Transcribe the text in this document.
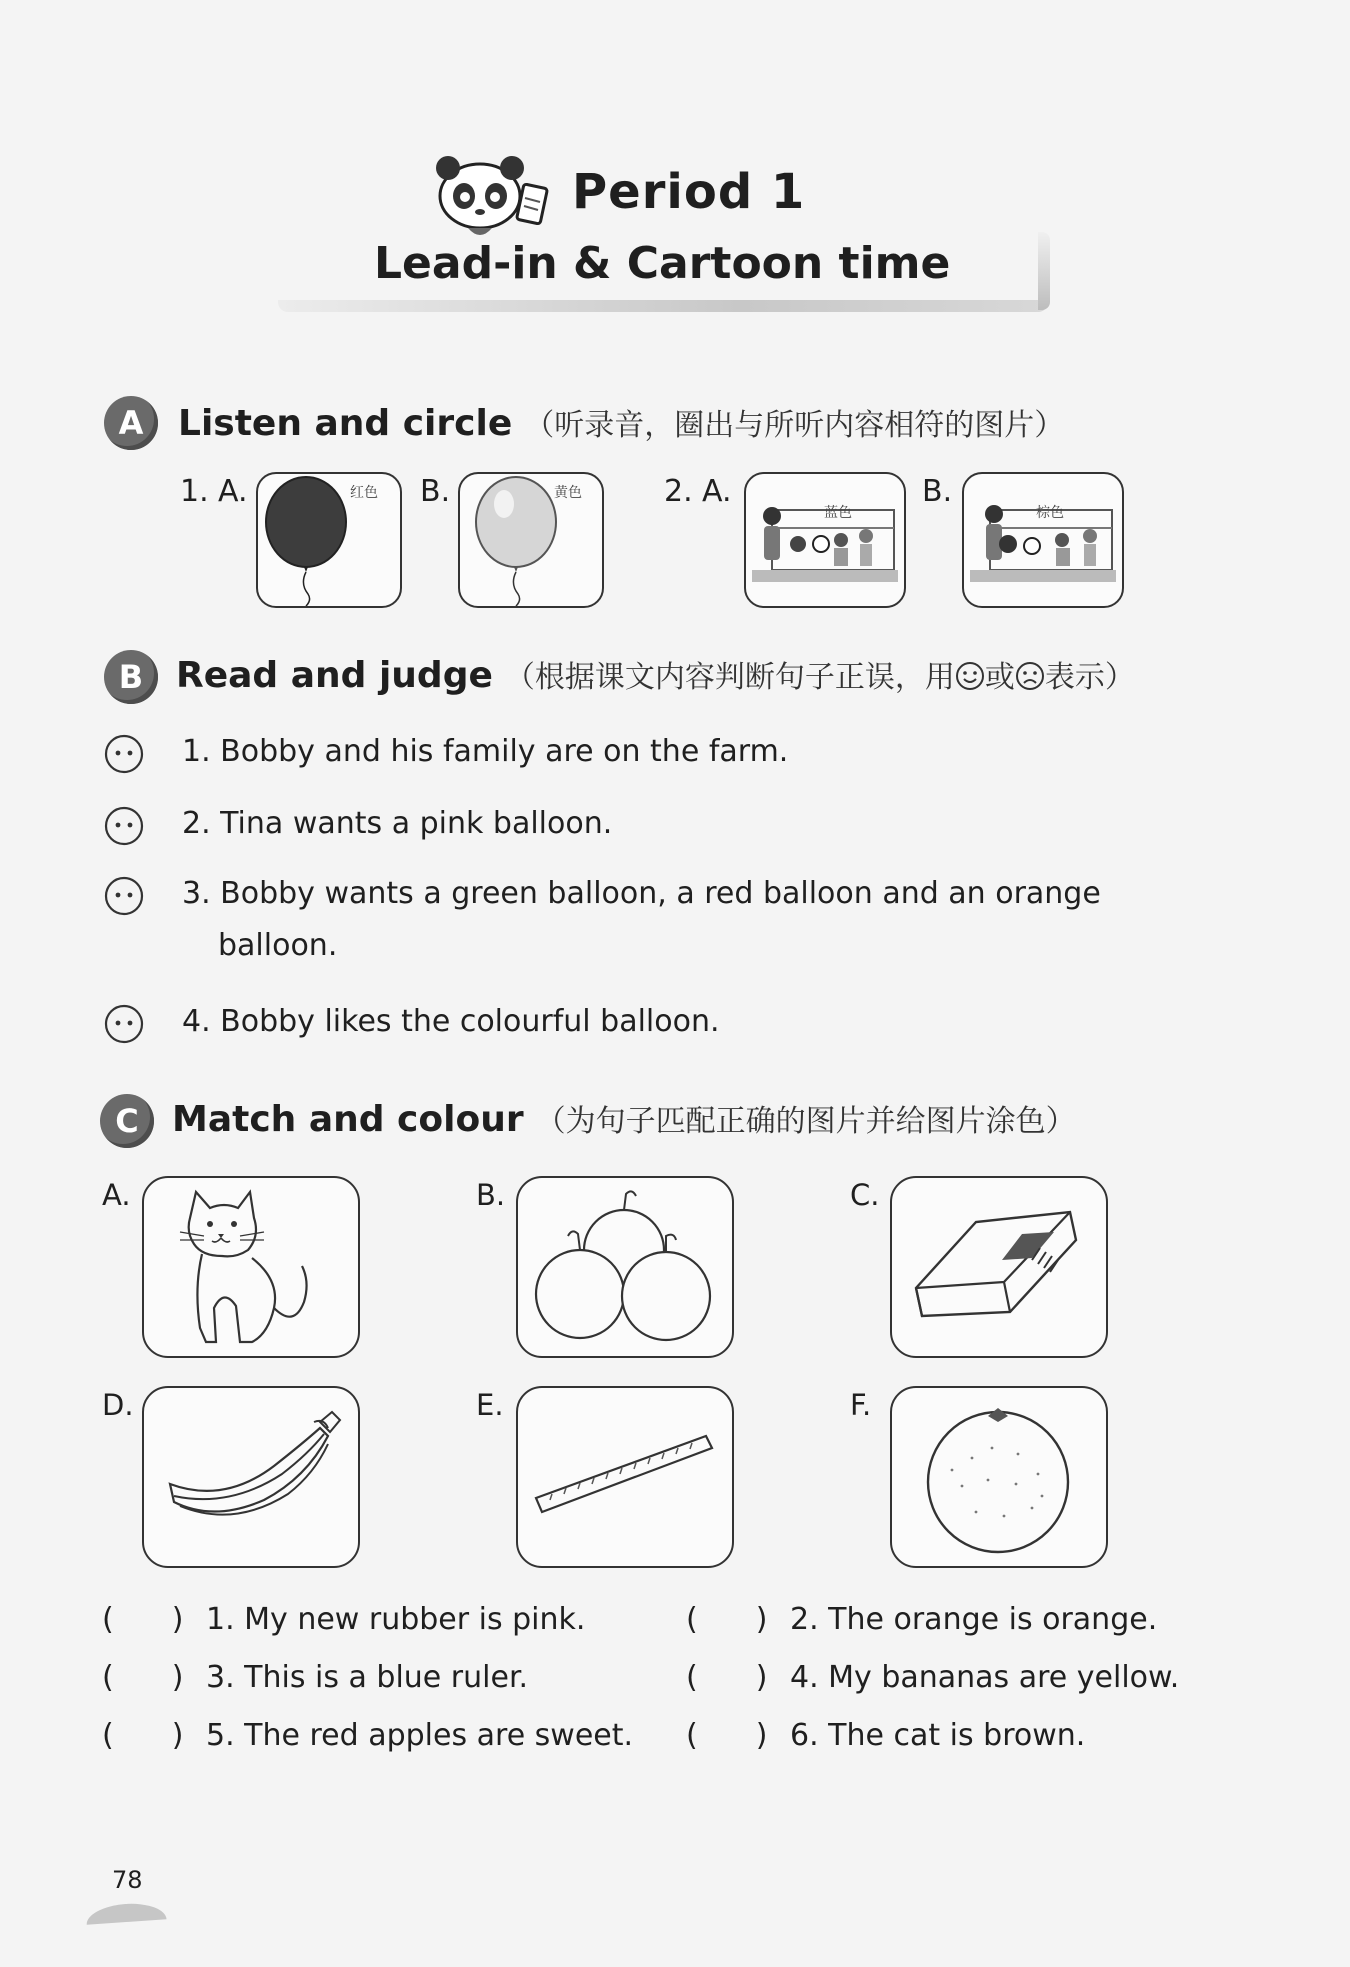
Period 1
Lead-in & Cartoon time
A Listen and circle （听录音，圈出与所听内容相符的图片）
1. A.	红色 B.	黄色	2. A.
蓝色
B.
棕色
B Read and judge （根据课文内容判断句子正误，用 或 表示）
1. Bobby and his family are on the farm.
2. Tina wants a pink balloon.
3. Bobby wants a green balloon, a red balloon and an orange
balloon.
4. Bobby likes the colourful balloon.
C Match and colour （为句子匹配正确的图片并给图片涂色）
A.	B.	C.
D.	E.	F.
( ) 1. My new rubber is pink.	( ) 2. The orange is orange.
( ) 3. This is a blue ruler.	( ) 4. My bananas are yellow.
( ) 5. The red apples are sweet. ( ) 6. The cat is brown.
78
